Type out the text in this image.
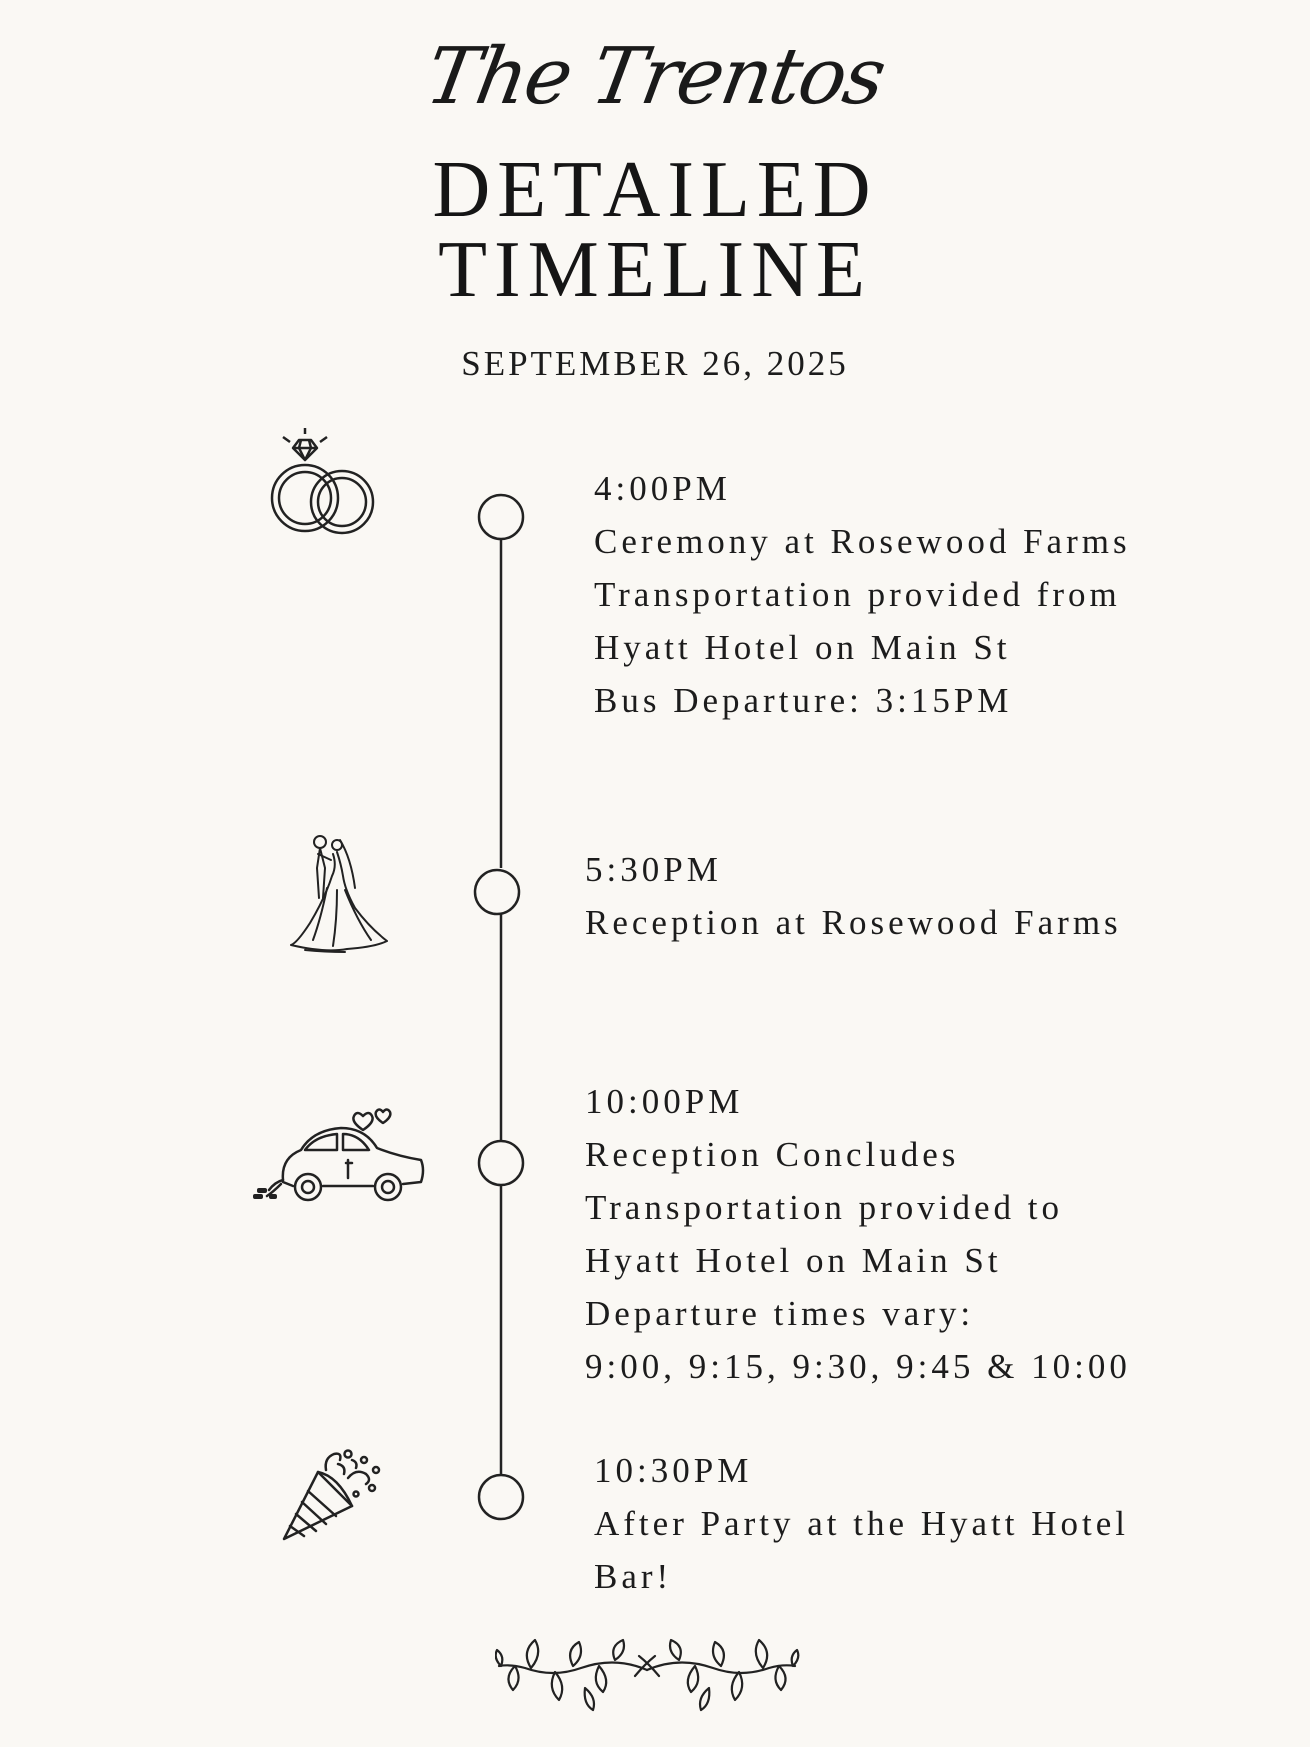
The Trentos
DETAILED
TIMELINE
SEPTEMBER 26, 2025
4:00PM
Ceremony at Rosewood Farms
Transportation provided from
Hyatt Hotel on Main St
Bus Departure: 3:15PM
5:30PM
Reception at Rosewood Farms
10:00PM
Reception Concludes
Transportation provided to
Hyatt Hotel on Main St
Departure times vary:
9:00, 9:15, 9:30, 9:45 & 10:00
10:30PM
After Party at the Hyatt Hotel
Bar!
